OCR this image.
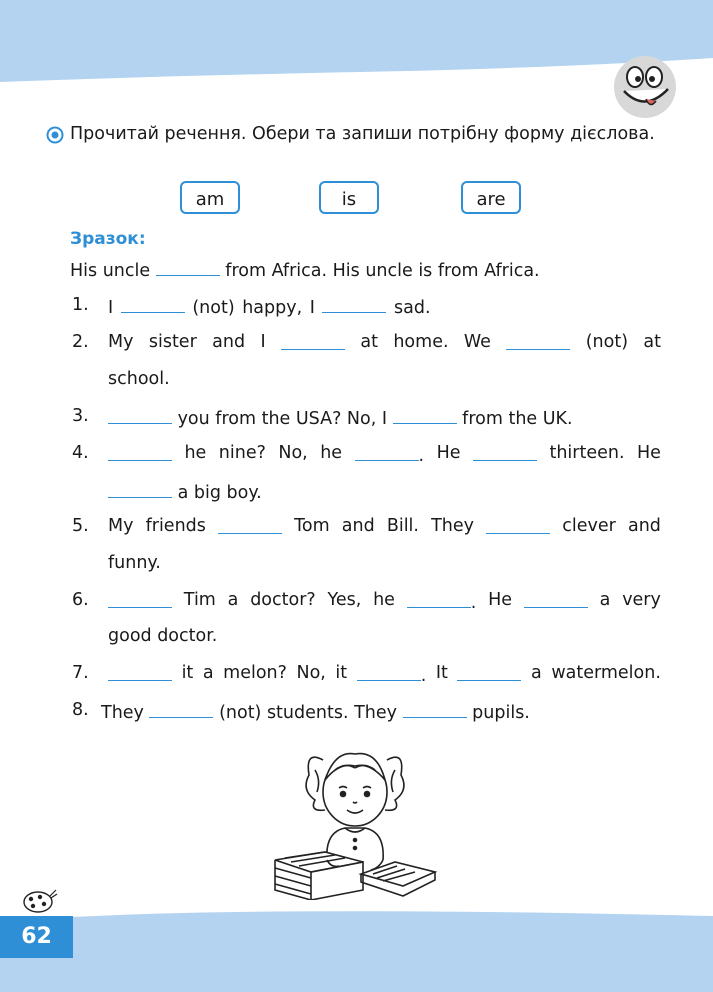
Прочитай речення. Обери та запиши потрібну форму дієслова.
am	is	are
Зразок:
His uncle	from Africa. His uncle is from Africa.
1. I	(not) happy, I	sad.
2. My sister and I	at home. We	(not) at
school.
3.	you from the USA? No, I	from the UK.
4.	he nine? No, he	. He	thirteen. He
a big boy.
5. My friends	Tom and Bill. They	clever and
funny.
6.	Tim a doctor? Yes, he	. He	a very
good doctor.
7.	it a melon? No, it	. It	a watermelon.
8. They	(not) students. They	pupils.
62
